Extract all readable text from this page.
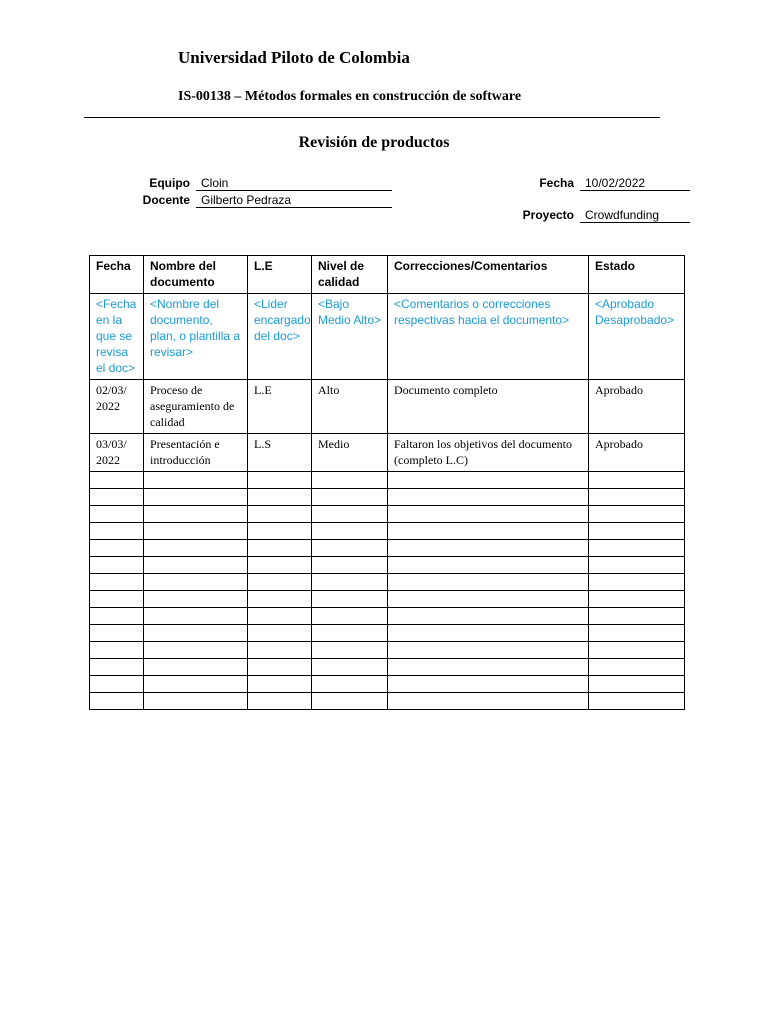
Universidad Piloto de Colombia
IS-00138 – Métodos formales en construcción de software
Revisión de productos
Equipo Cloin
Docente Gilberto Pedraza
Fecha 10/02/2022
Proyecto Crowdfunding
Fecha	Nombre del documento	L.E	Nivel de calidad	Correcciones/Comentarios	Estado
<Fecha en la que se revisa el doc>	<Nombre del documento, plan, o plantilla a revisar>	<Lider encargado del doc>	<Bajo Medio Alto>	<Comentarios o correcciones respectivas hacia el documento>	<Aprobado Desaprobado>
02/03/ 2022	Proceso de aseguramiento de calidad	L.E	Alto	Documento completo	Aprobado
03/03/ 2022	Presentación e introducción	L.S	Medio	Faltaron los objetivos del documento (completo L.C)	Aprobado
